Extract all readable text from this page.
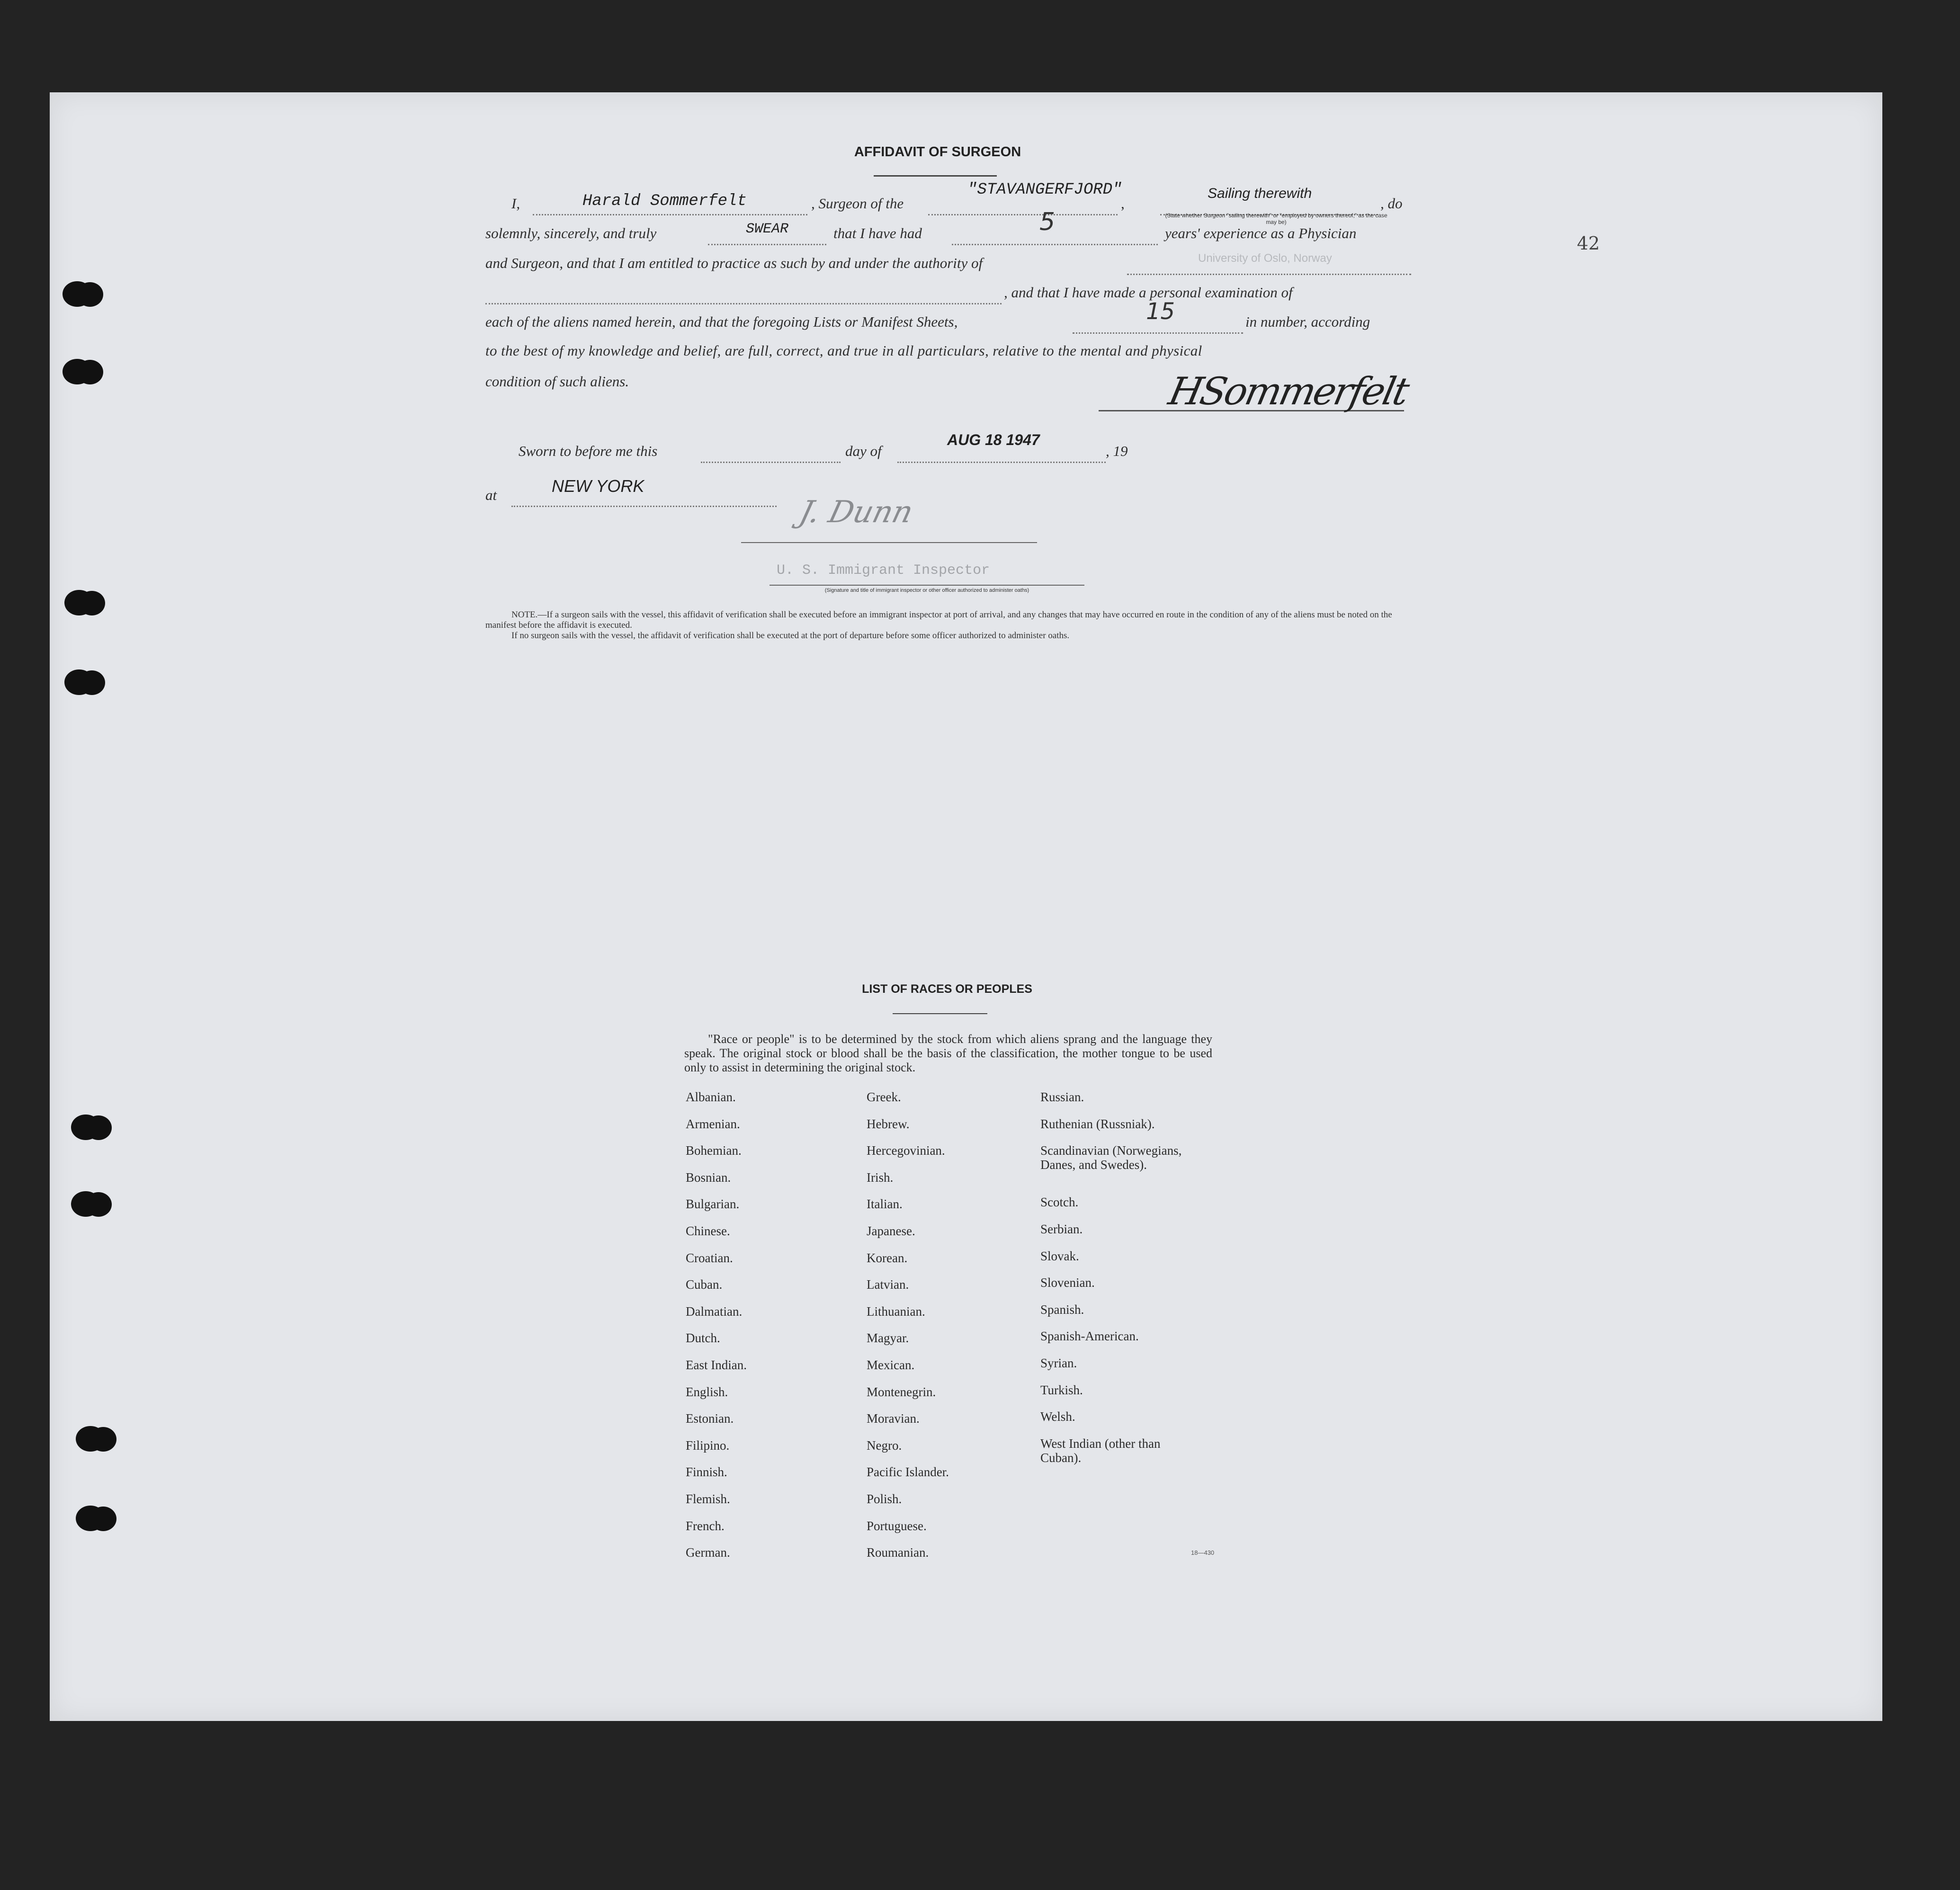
42
AFFIDAVIT OF SURGEON
I,	Harald Sommerfelt	, Surgeon of the
"STAVANGERFJORD"
,
Sailing therewith
, do
(State whether Surgeon "sailing therewith" or "employed by owners thereof," as the case may be)
solemnly, sincerely, and truly	SWEAR	that I have had	5	years' experience as a Physician
and Surgeon, and that I am entitled to practice as such by and under the authority of	University of Oslo, Norway
, and that I have made a personal examination of
each of the aliens named herein, and that the foregoing Lists or Manifest Sheets,	15	in number, according
to the best of my knowledge and belief, are full, correct, and true in all particulars, relative to the mental and physical
condition of such aliens.	HSommerfelt
Sworn to before me this	day of
AUG 18 1947
, 19
at	NEW YORK
J. Dunn
U. S. Immigrant Inspector
(Signature and title of immigrant inspector or other officer authorized to administer oaths)

NOTE.—If a surgeon sails with the vessel, this affidavit of verification shall be executed before an immigrant inspector at port of arrival, and any changes that may have occurred en route in the condition of any of the aliens must be noted on the manifest before the affidavit is executed.

If no surgeon sails with the vessel, the affidavit of verification shall be executed at the port of departure before some officer authorized to administer oaths.

LIST OF RACES OR PEOPLES
"Race or people" is to be determined by the stock from which aliens sprang and the language they speak. The original stock or blood shall be the basis of the classification, the mother tongue to be used only to assist in determining the original stock.
Albanian.
Armenian.
Bohemian.
Bosnian.
Bulgarian.
Chinese.
Croatian.
Cuban.
Dalmatian.
Dutch.
East Indian.
English.
Estonian.
Filipino.
Finnish.
Flemish.
French.
German.
Greek.
Hebrew.
Hercegovinian.
Irish.
Italian.
Japanese.
Korean.
Latvian.
Lithuanian.
Magyar.
Mexican.
Montenegrin.
Moravian.
Negro.
Pacific Islander.
Polish.
Portuguese.
Roumanian.
Russian.
Ruthenian (Russniak).
Scandinavian (Norwegians,
Danes, and Swedes).
Scotch.
Serbian.
Slovak.
Slovenian.
Spanish.
Spanish-American.
Syrian.
Turkish.
Welsh.
West Indian (other than
Cuban).
18—430
